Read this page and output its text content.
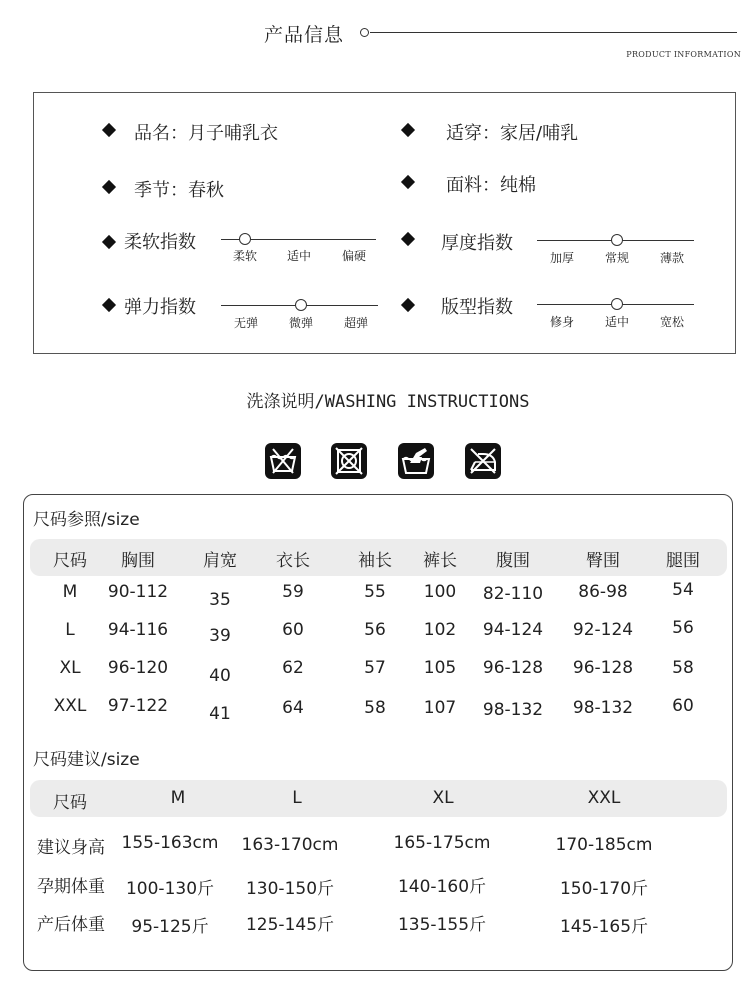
产品信息
PRODUCT INFORMATION
品名：月子哺乳衣	适穿：家居/哺乳
季节：春秋	面料：纯棉
柔软指数
柔软 适中	偏硬
厚度指数
加厚	常规	薄款
弹力指数
无弹	微弹	超弹
版型指数
修身	适中	宽松
洗涤说明/WASHING INSTRUCTIONS
尺码参照/size
尺码 胸围	肩宽 衣长	袖长 裤长 腹围	臀围	腿围
M 90-112 35	59	55 100 82-110 86-98	54
L 94-116 39	60	56 102 94-124 92-124 56
XL 96-120 40	62	57 105 96-128 96-128 58
XXL 97-122 41	64	58 107 98-132 98-132 60
尺码建议/size
尺码	M	L	XL	XXL
建议身高 155-163cm 163-170cm	165-175cm	170-185cm
孕期体重 100-130斤 130-150斤	140-160斤	150-170斤
产后体重 95-125斤 125-145斤	135-155斤	145-165斤
